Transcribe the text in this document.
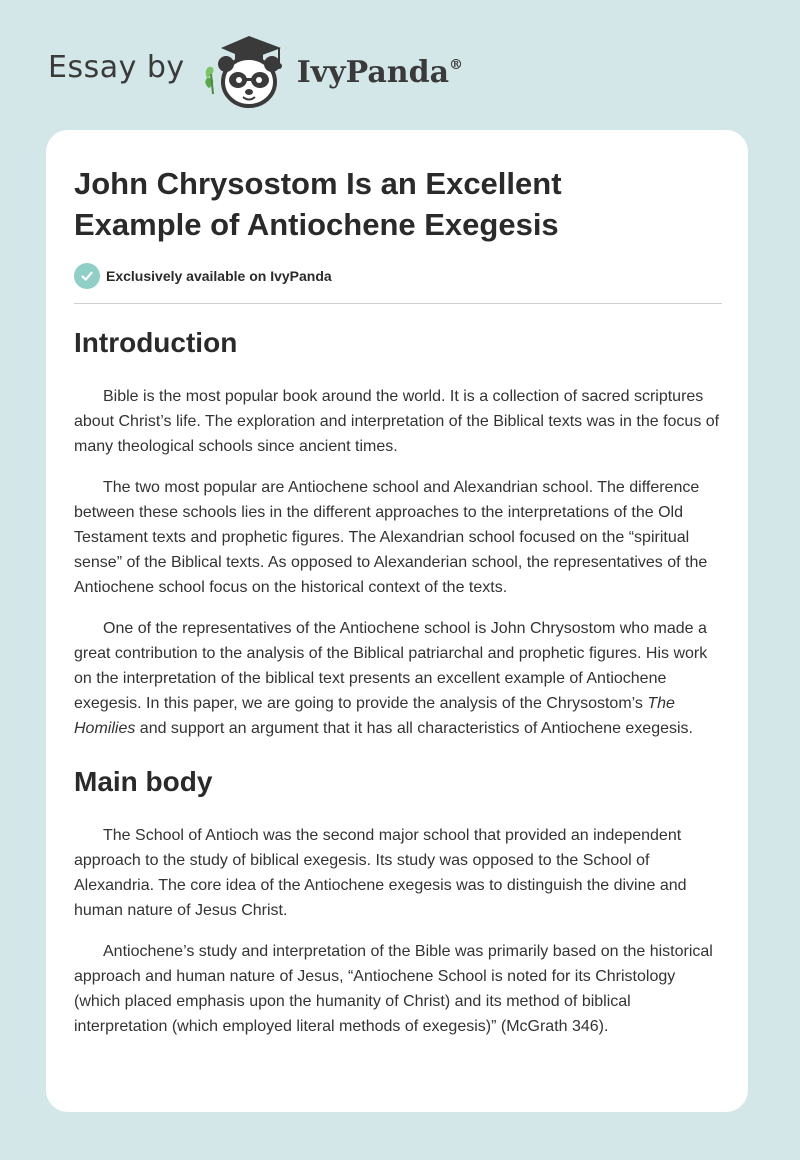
Essay by	IvyPanda®
John Chrysostom Is an Excellent Example of Antiochene Exegesis
Exclusively available on IvyPanda
Introduction

Bible is the most popular book around the world. It is a collection of sacred scriptures about Christ’s life. The exploration and interpretation of the Biblical texts was in the focus of many theological schools since ancient times.

The two most popular are Antiochene school and Alexandrian school. The difference between these schools lies in the different approaches to the interpretations of the Old Testament texts and prophetic figures. The Alexandrian school focused on the “spiritual sense” of the Biblical texts. As opposed to Alexanderian school, the representatives of the Antiochene school focus on the historical context of the texts.

One of the representatives of the Antiochene school is John Chrysostom who made a great contribution to the analysis of the Biblical patriarchal and prophetic figures. His work on the interpretation of the biblical text presents an excellent example of Antiochene exegesis. In this paper, we are going to provide the analysis of the Chrysostom’s The Homilies and support an argument that it has all characteristics of Antiochene exegesis.

Main body

The School of Antioch was the second major school that provided an independent approach to the study of biblical exegesis. Its study was opposed to the School of Alexandria. The core idea of the Antiochene exegesis was to distinguish the divine and human nature of Jesus Christ.

Antiochene’s study and interpretation of the Bible was primarily based on the historical approach and human nature of Jesus, “Antiochene School is noted for its Christology (which placed emphasis upon the humanity of Christ) and its method of biblical interpretation (which employed literal methods of exegesis)” (McGrath 346).
